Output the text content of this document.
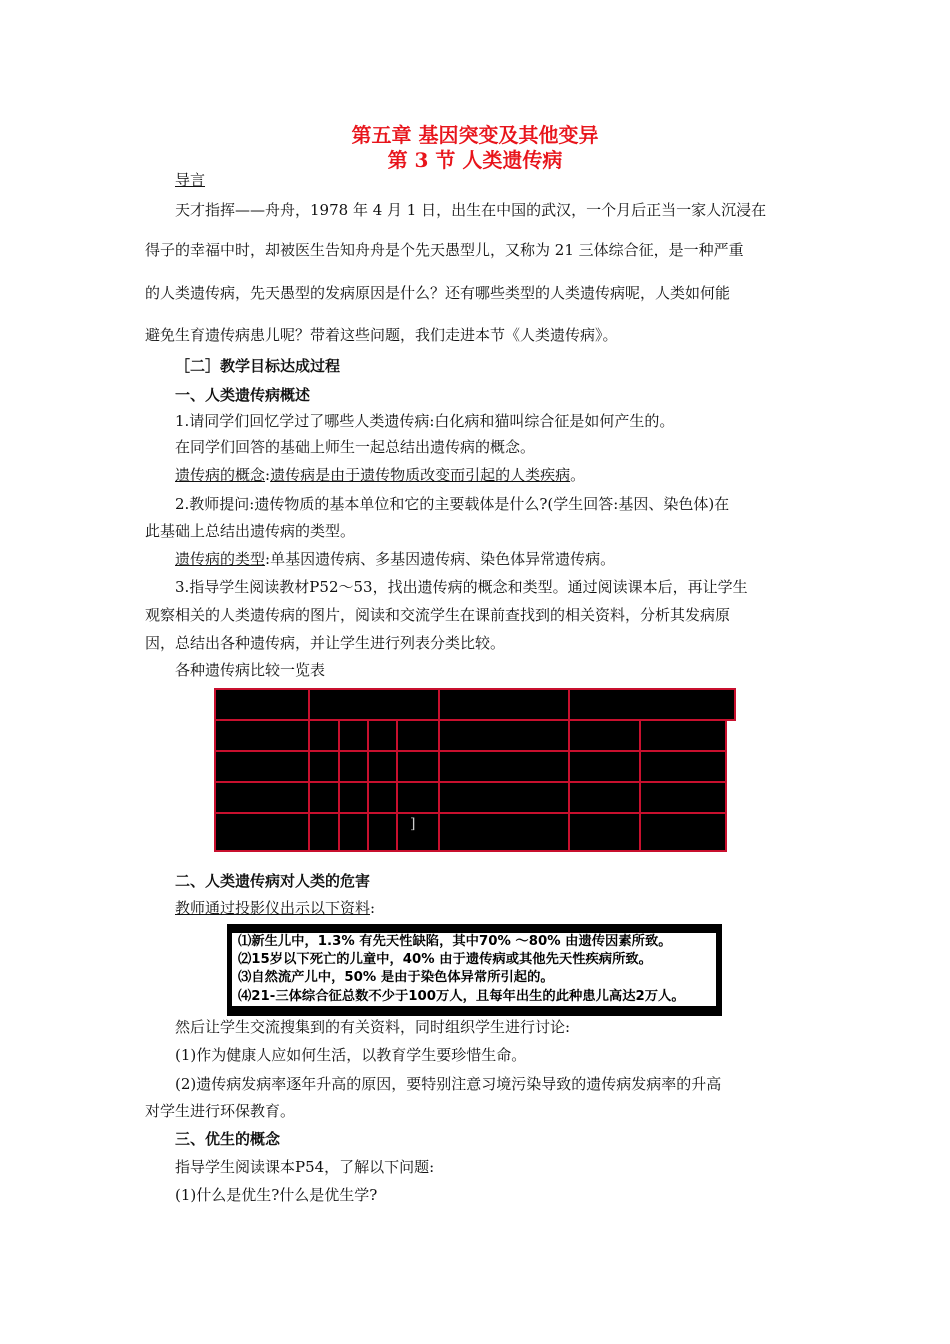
第五章 基因突变及其他变异
第 3 节 人类遗传病
导言
天才指挥——舟舟，1978 年 4 月 1 日，出生在中国的武汉，一个月后正当一家人沉浸在
得子的幸福中时，却被医生告知舟舟是个先天愚型儿，又称为 21 三体综合征，是一种严重
的人类遗传病，先天愚型的发病原因是什么？还有哪些类型的人类遗传病呢，人类如何能
避免生育遗传病患儿呢？带着这些问题，我们走进本节《人类遗传病》。
［二］教学目标达成过程
一、人类遗传病概述
1.请同学们回忆学过了哪些人类遗传病:白化病和猫叫综合征是如何产生的。
在同学们回答的基础上师生一起总结出遗传病的概念。
遗传病的概念:遗传病是由于遗传物质改变而引起的人类疾病。
2.教师提问:遗传物质的基本单位和它的主要载体是什么?(学生回答:基因、染色体)在
此基础上总结出遗传病的类型。
遗传病的类型:单基因遗传病、多基因遗传病、染色体异常遗传病。
3.指导学生阅读教材P52～53，找出遗传病的概念和类型。通过阅读课本后，再让学生
观察相关的人类遗传病的图片，阅读和交流学生在课前查找到的相关资料，分析其发病原
因，总结出各种遗传病，并让学生进行列表分类比较。
各种遗传病比较一览表
]
二、人类遗传病对人类的危害
教师通过投影仪出示以下资料:
⑴新生儿中，1.3% 有先天性缺陷，其中70% ～80% 由遗传因素所致。
⑵15岁以下死亡的儿童中，40% 由于遗传病或其他先天性疾病所致。
⑶自然流产儿中，50% 是由于染色体异常所引起的。
⑷21-三体综合征总数不少于100万人，且每年出生的此种患儿高达2万人。
然后让学生交流搜集到的有关资料，同时组织学生进行讨论:
(1)作为健康人应如何生活，以教育学生要珍惜生命。
(2)遗传病发病率逐年升高的原因，要特别注意习境污染导致的遗传病发病率的升高
对学生进行环保教育。
三、优生的概念
指导学生阅读课本P54，了解以下问题:
(1)什么是优生?什么是优生学?
